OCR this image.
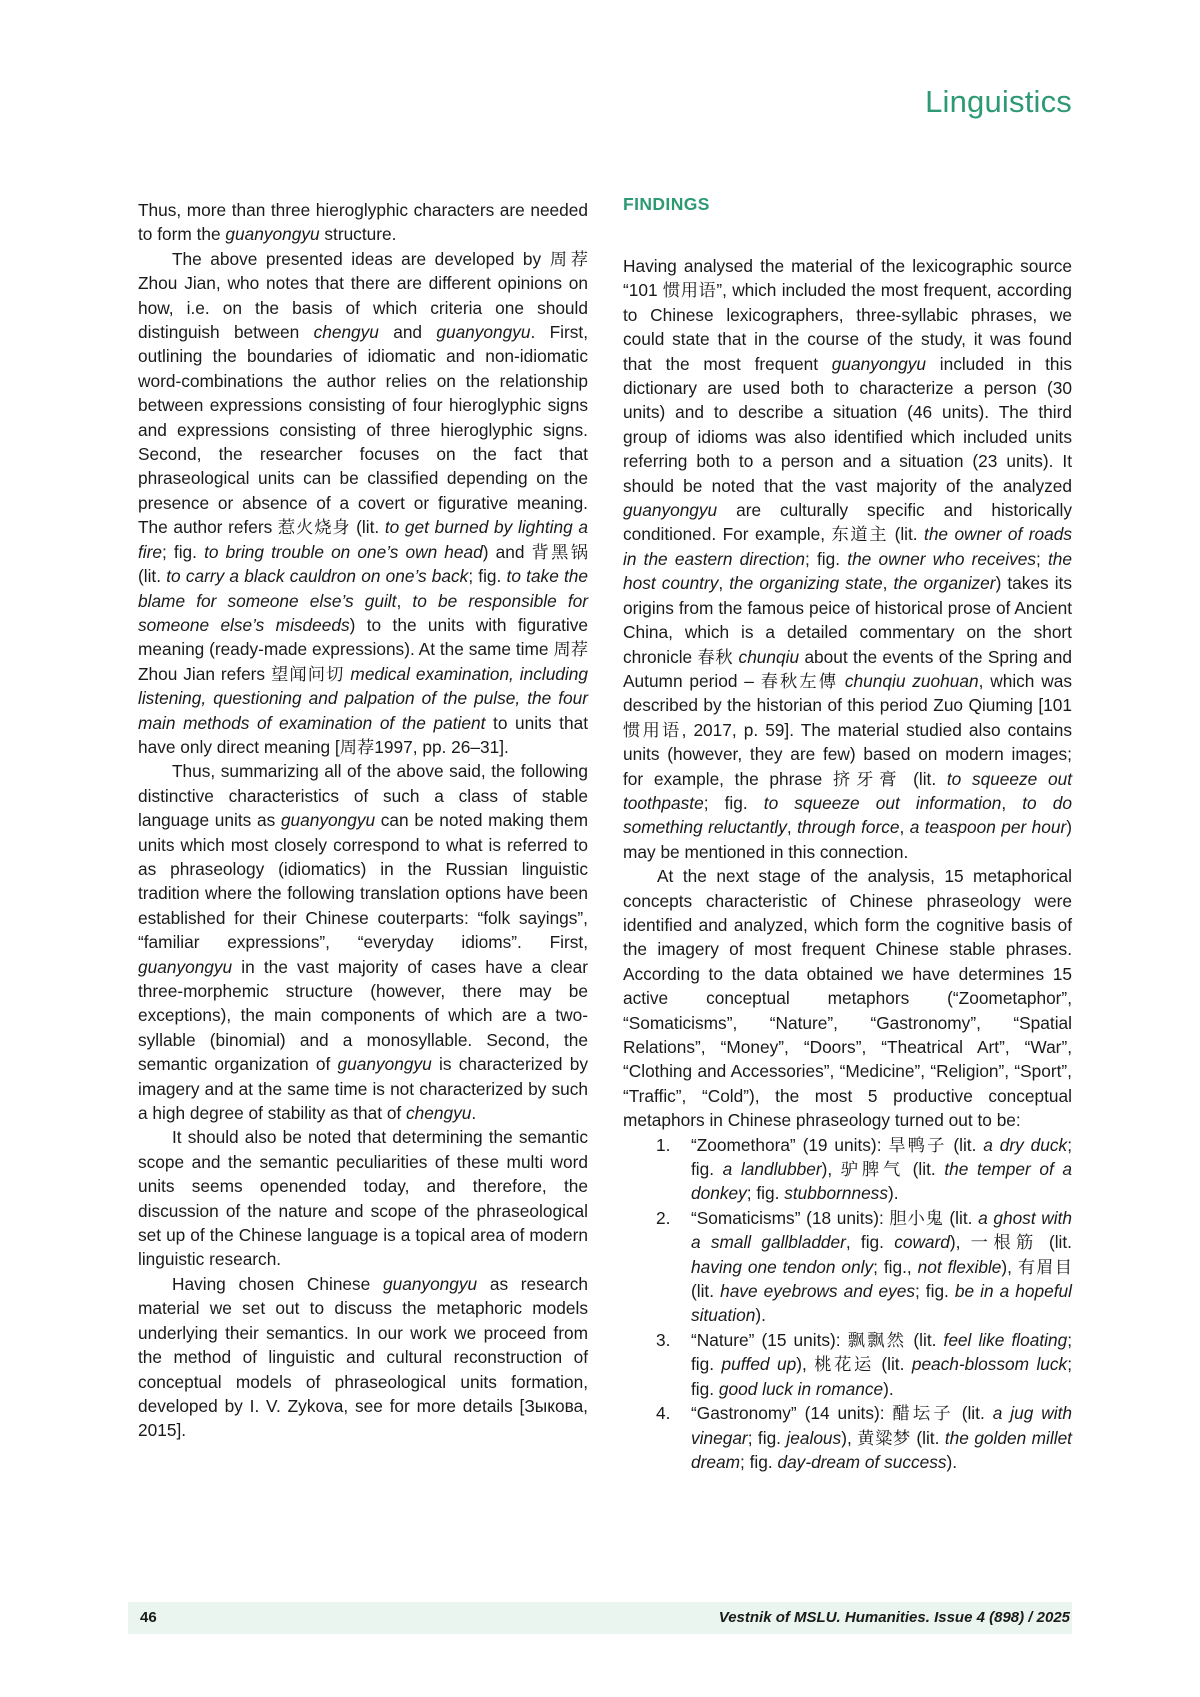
Linguistics

Thus, more than three hieroglyphic characters are needed to form the guanyongyu structure.

The above presented ideas are developed by 周荐 Zhou Jian, who notes that there are different opinions on how, i.e. on the basis of which criteria one should distinguish between chengyu and guanyongyu. First, outlining the boundaries of idiomatic and non-idiomatic word-combinations the author relies on the relationship between expressions consisting of four hieroglyphic signs and expressions consisting of three hieroglyphic signs. Second, the researcher focuses on the fact that phraseological units can be classified depending on the presence or absence of a covert or figurative meaning. The author refers 惹火烧身 (lit. to get burned by lighting a fire; fig. to bring trouble on one’s own head) and 背黑锅 (lit. to carry a black cauldron on one’s back; fig. to take the blame for someone else’s guilt, to be responsible for someone else’s misdeeds) to the units with figurative meaning (ready-made expressions). At the same time 周荐 Zhou Jian refers 望闻问切 medical examination, including listening, questioning and palpation of the pulse, the four main methods of examination of the patient to units that have only direct meaning [周荐1997, pp. 26–31].

Thus, summarizing all of the above said, the following distinctive characteristics of such a class of stable language units as guanyongyu can be noted making them units which most closely correspond to what is referred to as phraseology (idiomatics) in the Russian linguistic tradition where the following translation options have been established for their Chinese couterparts: “folk sayings”, “familiar expressions”, “everyday idioms”. First, guanyongyu in the vast majority of cases have a clear three-morphemic structure (however, there may be exceptions), the main components of which are a two-syllable (binomial) and a monosyllable. Second, the semantic organization of guanyongyu is characterized by imagery and at the same time is not characterized by such a high degree of stability as that of chengyu.

It should also be noted that determining the semantic scope and the semantic peculiarities of these multi word units seems openended today, and therefore, the discussion of the nature and scope of the phraseological set up of the Chinese language is a topical area of modern linguistic research.

Having chosen Chinese guanyongyu as research material we set out to discuss the metaphoric models underlying their semantics. In our work we proceed from the method of linguistic and cultural reconstruction of conceptual models of phraseological units formation, developed by I. V. Zykova, see for more details [Зыкова, 2015].

FINDINGS

Having analysed the material of the lexicographic source “101 惯用语”, which included the most frequent, according to Chinese lexicographers, three-syllabic phrases, we could state that in the course of the study, it was found that the most frequent guanyongyu included in this dictionary are used both to characterize a person (30 units) and to describe a situation (46 units). The third group of idioms was also identified which included units referring both to a person and a situation (23 units). It should be noted that the vast majority of the analyzed guanyongyu are culturally specific and historically conditioned. For example, 东道主 (lit. the owner of roads in the eastern direction; fig. the owner who receives; the host country, the organizing state, the organizer) takes its origins from the famous peice of historical prose of Ancient China, which is a detailed commentary on the short chronicle 春秋 chunqiu about the events of the Spring and Autumn period – 春秋左傳 chunqiu zuohuan, which was described by the historian of this period Zuo Qiuming [101惯用语, 2017, p. 59]. The material studied also contains units (however, they are few) based on modern images; for example, the phrase 挤牙膏 (lit. to squeeze out toothpaste; fig. to squeeze out information, to do something reluctantly, through force, a teaspoon per hour) may be mentioned in this connection.

At the next stage of the analysis, 15 metaphorical concepts characteristic of Chinese phraseology were identified and analyzed, which form the cognitive basis of the imagery of most frequent Chinese stable phrases. According to the data obtained we have determines 15 active conceptual metaphors (“Zoometaphor”, “Somaticisms”, “Nature”, “Gastronomy”, “Spatial Relations”, “Money”, “Doors”, “Theatrical Art”, “War”, “Clothing and Accessories”, “Medicine”, “Religion”, “Sport”, “Traffic”, “Cold”), the most 5 productive conceptual metaphors in Chinese phraseology turned out to be:

1. “Zoomethora” (19 units): 旱鸭子 (lit. a dry duck; fig. a landlubber), 驴脾气 (lit. the temper of a donkey; fig. stubbornness).
2. “Somaticisms” (18 units): 胆小鬼 (lit. a ghost with a small gallbladder, fig. coward), 一根筋 (lit. having one tendon only; fig., not flexible), 有眉目 (lit. have eyebrows and eyes; fig. be in a hopeful situation).
3. “Nature” (15 units): 飘飘然 (lit. feel like floating; fig. puffed up), 桃花运 (lit. peach-blossom luck; fig. good luck in romance).
4. “Gastronomy” (14 units): 醋坛子 (lit. a jug with vinegar; fig. jealous), 黄粱梦 (lit. the golden millet dream; fig. day-dream of success).
46	Vestnik of MSLU. Humanities. Issue 4 (898) / 2025
